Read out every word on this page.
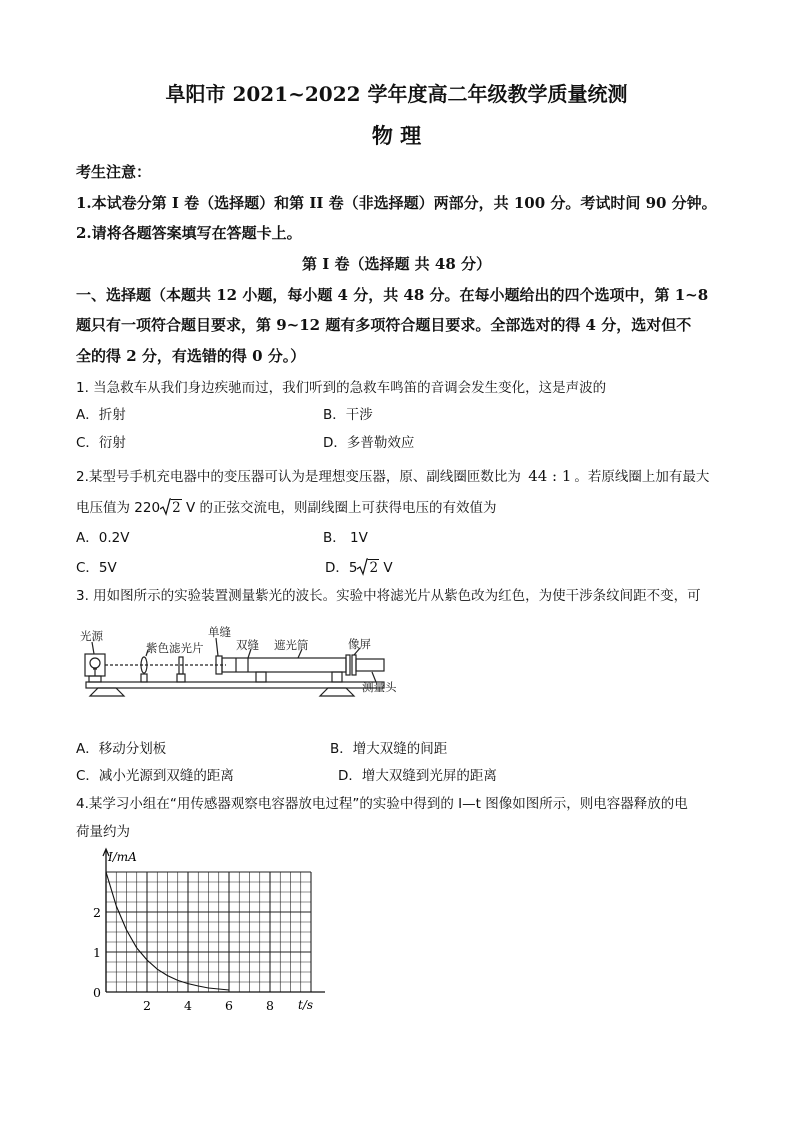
阜阳市 2021~2022 学年度高二年级教学质量统测
物 理
考生注意：
1.本试卷分第 I 卷（选择题）和第 II 卷（非选择题）两部分，共 100 分。考试时间 90 分钟。
2.请将各题答案填写在答题卡上。
第 I 卷（选择题 共 48 分）
一、选择题（本题共 12 小题，每小题 4 分，共 48 分。在每小题给出的四个选项中，第 1~8
题只有一项符合题目要求，第 9~12 题有多项符合题目要求。全部选对的得 4 分，选对但不
全的得 2 分，有选错的得 0 分。）
1. 当急救车从我们身边疾驰而过，我们听到的急救车鸣笛的音调会发生变化，这是声波的
A．折射	B．干涉
C．衍射	D．多普勒效应
2.某型号手机充电器中的变压器可认为是理想变压器，原、副线圈匝数比为 44 : 1 。若原线圈上加有最大
电压值为 220 2 V 的正弦交流电，则副线圈上可获得电压的有效值为
A．0.2V	B． 1V
C．5V	D．5 2 V
3. 用如图所示的实验装置测量紫光的波长。实验中将滤光片从紫色改为红色，为使干涉条纹间距不变，可
光源
紫色滤光片
单缝
双缝 遮光筒	像屏
测量头
A．移动分划板	B．增大双缝的间距
C．减小光源到双缝的距离	D．增大双缝到光屏的距离
4.某学习小组在“用传感器观察电容器放电过程”的实验中得到的 I—t 图像如图所示，则电容器释放的电
荷量约为
2	4	6	8
0
1
2
I/mA
t/s
